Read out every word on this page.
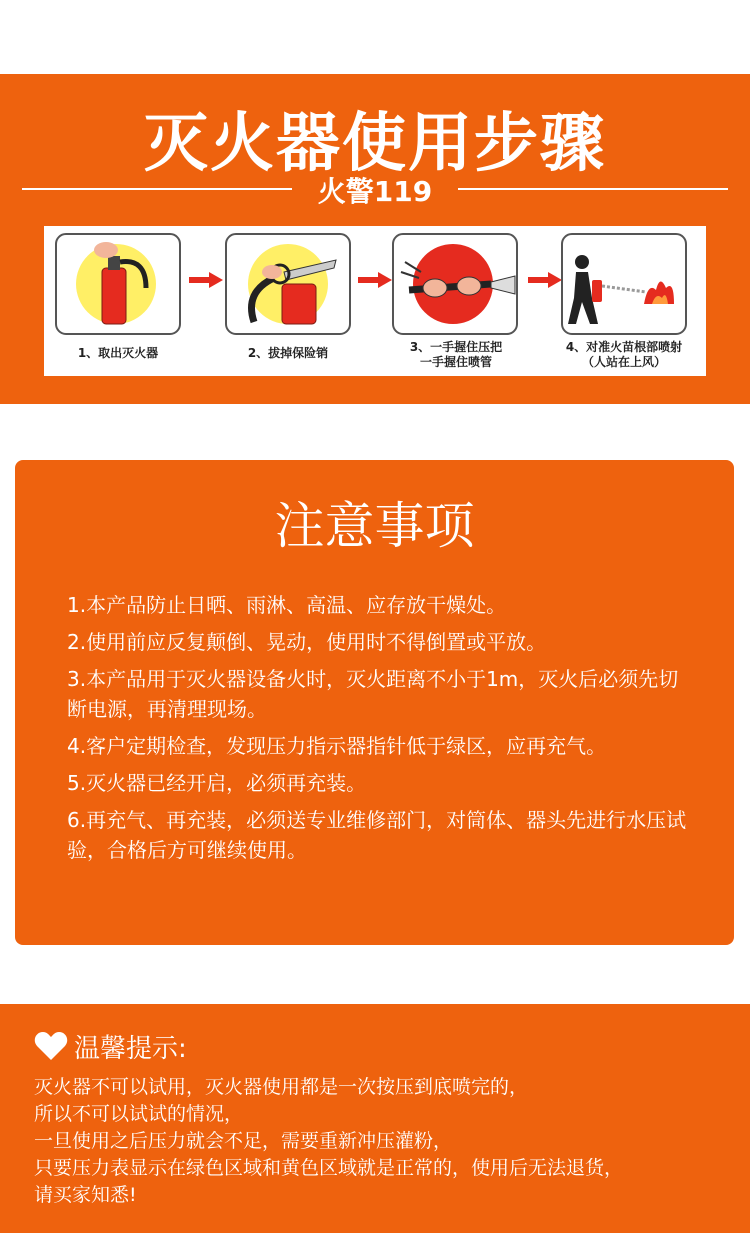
灭火器使用步骤
火警119
1、取出灭火器	2、拔掉保险销	3、一手握住压把
一手握住喷管
4、对准火苗根部喷射
（人站在上风）
注意事项
1.本产品防止日晒、雨淋、高温、应存放干燥处。
2.使用前应反复颠倒、晃动，使用时不得倒置或平放。
3.本产品用于灭火器设备火时，灭火距离不小于1m，灭火后必须先切断电源，再清理现场。
4.客户定期检查，发现压力指示器指针低于绿区，应再充气。
5.灭火器已经开启，必须再充装。
6.再充气、再充装，必须送专业维修部门，对筒体、器头先进行水压试验，合格后方可继续使用。
温馨提示:
灭火器不可以试用，灭火器使用都是一次按压到底喷完的，
所以不可以试试的情况，
一旦使用之后压力就会不足，需要重新冲压灌粉，
只要压力表显示在绿色区域和黄色区域就是正常的，使用后无法退货，
请买家知悉!
